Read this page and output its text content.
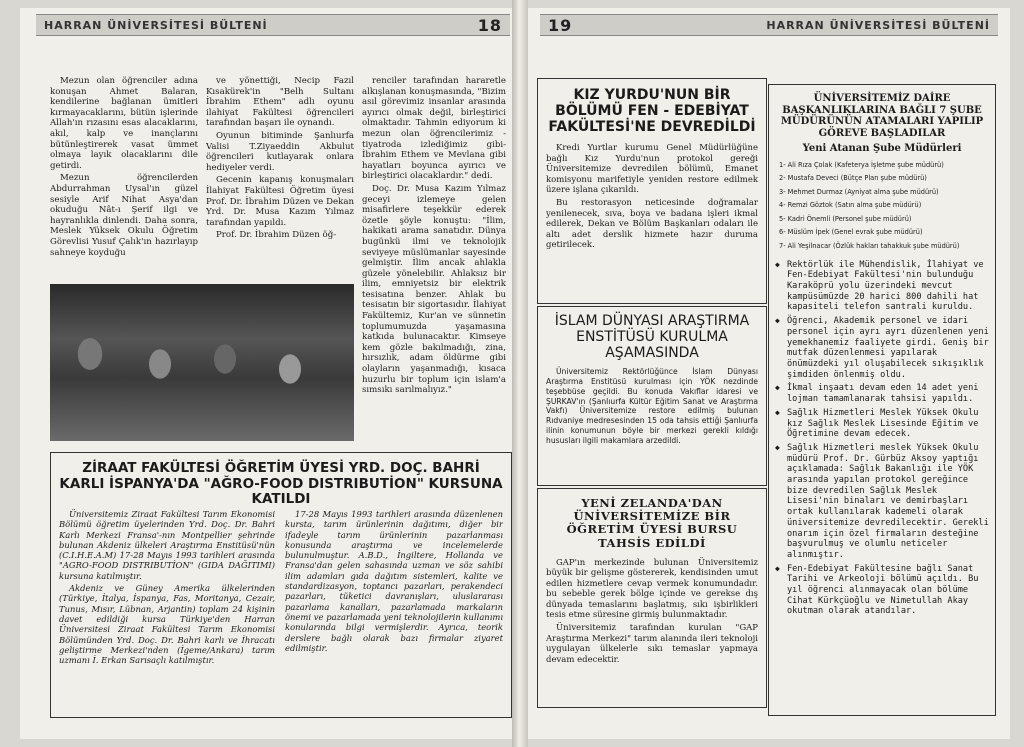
HARRAN ÜNİVERSİTESİ BÜLTENİ	18	19	HARRAN ÜNİVERSİTESİ BÜLTENİ

Mezun olan öğrenciler adına konuşan Ahmet Balaran, kendilerine bağlanan ümitleri kırmayacaklarını, bütün işlerinde Allah'ın rızasını esas alacaklarını, akıl, kalp ve inançlarını bütünleştirerek vasat ümmet olmaya layık olacaklarını dile getirdi.

Mezun öğrencilerden Abdurrahman Uysal'ın güzel sesiyle Arif Nihat Asya'dan okuduğu Nât-ı Şerif ilgi ve hayranlıkla dinlendi. Daha sonra, Meslek Yüksek Okulu Öğretim Görevlisi Yusuf Çalık'ın hazırlayıp sahneye koyduğu

ve yönettiği, Necip Fazıl Kısakürek'in "Belh Sultanı İbrahim Ethem" adlı oyunu ilahiyat Fakültesi öğrencileri tarafından başarı ile oynandı.

Oyunun bitiminde Şanlıurfa Valisi T.Ziyaeddin Akbulut öğrencileri kutlayarak onlara hediyeler verdi.

Gecenin kapanış konuşmaları İlahiyat Fakültesi Öğretim üyesi Prof. Dr. İbrahim Düzen ve Dekan Yrd. Dr. Musa Kazım Yılmaz tarafından yapıldı.

Prof. Dr. İbrahim Düzen öğ-

renciler tarafından hararetle alkışlanan konuşmasında, "Bizim asıl görevimiz insanlar arasında ayırıcı olmak değil, birleştirici olmaktadır. Tahmin ediyorum ki mezun olan öğrencilerimiz -tiyatroda izlediğimiz gibi- İbrahim Ethem ve Mevlana gibi hayatları boyunca ayırıcı ve birleştirici olacaklardır." dedi.

Doç. Dr. Musa Kazım Yılmaz geceyi izlemeye gelen misafirlere teşekkür ederek özetle şöyle konuştu: "İlim, hakikati arama sanatıdır. Dünya bugünkü ilmi ve teknolojik seviyeye müslümanlar sayesinde gelmiştir. İlim ancak ahlakla güzele yönelebilir. Ahlaksız bir ilim, emniyetsiz bir elektrik tesisatına benzer. Ahlak bu tesisatın bir sigortasıdır. İlahiyat Fakültemiz, Kur'an ve sünnetin toplumumuzda yaşamasına katkıda bulunacaktır. Kimseye kem gözle bakılmadığı, zina, hırsızlık, adam öldürme gibi olayların yaşanmadığı, kısaca huzurlu bir toplum için islam'a sımsıkı sarılmalıyız."

ZİRAAT FAKÜLTESİ ÖĞRETİM ÜYESİ YRD. DOÇ. BAHRİ KARLI İSPANYA'DA "AĞRO-FOOD DISTRIBUTİON" KURSUNA KATILDI
Üniversitemiz Ziraat Fakültesi Tarım Ekonomisi Bölümü öğretim üyelerinden Yrd. Doç. Dr. Bahri Karlı Merkezi Fransa'-nın Montpellier şehrinde bulunan Akdeniz ülkeleri Araştırma Enstitüsü'nün (C.I.H.E.A.M) 17-28 Mayıs 1993 tarihleri arasında "AGRO-FOOD DISTRIBUTİON" (GIDA DAĞITIMI) kursuna katılmıştır.
Akdeniz ve Güney Amerika ülkelerinden (Türkiye, İtalya, İspanya, Fas, Moritanya, Cezair, Tunus, Mısır, Lübnan, Arjantin) toplam 24 kişinin davet edildiği kursa Türkiye'den Harran Üniversitesi Ziraat Fakültesi Tarım Ekonomisi Bölümünden Yrd. Doç. Dr. Bahri karlı ve İhracatı geliştirme Merkezi'nden (İgeme/Ankara) tarım uzmanı İ. Erkan Sarısaçlı katılmıştır.
17-28 Mayıs 1993 tarihleri arasında düzenlenen kursta, tarım ürünlerinin dağıtımı, diğer bir ifadeyle tarım ürünlerinin pazarlanması konusunda araştırma ve incelemelerde bulunulmuştur. A.B.D., İngiltere, Hollanda ve Fransa'dan gelen sahasında uzman ve söz sahibi ilim adamları gıda dağıtım sistemleri, kalite ve standardizasyon, toptancı pazarları, perakendeci pazarları, tüketici davranışları, uluslararası pazarlama kanalları, pazarlamada markaların önemi ve pazarlamada yeni teknolojilerin kullanımı konularında bilgi vermişlerdir. Ayrıca, teorik derslere bağlı olarak bazı firmalar ziyaret edilmiştir.
KIZ YURDU'NUN BİR BÖLÜMÜ FEN - EDEBİYAT FAKÜLTESİ'NE DEVREDİLDİ
Kredi Yurtlar kurumu Genel Müdürlüğüne bağlı Kız Yurdu'nun protokol gereği Üniversitemize devredilen bölümü, Emanet komisyonu marifetiyle yeniden restore edilmek üzere işlana çıkarıldı.
Bu restorasyon neticesinde doğramalar yenilenecek, sıva, boya ve badana işleri ikmal edilerek, Dekan ve Bölüm Başkanları odaları ile altı adet derslik hizmete hazır duruma getirilecek.
İSLAM DÜNYASI ARAŞTIRMA ENSTİTÜSÜ KURULMA AŞAMASINDA
Üniversitemiz Rektörlüğünce İslam Dünyası Araştırma Enstitüsü kurulması için YÖK nezdinde teşebbüse geçildi. Bu konuda Vakıflar idaresi ve ŞURKAV'ın (Şanlıurfa Kültür Eğitim Sanat ve Araştırma Vakfı) Üniversitemize restore edilmiş bulunan Rıdvaniye medresesinden 15 oda tahsis ettiği Şanlıurfa ilinin konumunun böyle bir merkezi gerekli kıldığı hususları ilgili makamlara arzedildi.
YENİ ZELANDA'DAN ÜNİVERSİTEMİZE BİR ÖĞRETİM ÜYESİ BURSU TAHSİS EDİLDİ
GAP'ın merkezinde bulunan Üniversitemiz büyük bir gelişme göstererek, kendisinden umut edilen hizmetlere cevap vermek konumundadır. bu sebeble gerek bölge içinde ve gerekse dış dünyada temaslarını başlatmış, sıkı işbirlikleri tesis etme süresine girmiş bulunmaktadır.
Üniversitemiz tarafından kurulan "GAP Araştırma Merkezi" tarım alanında ileri teknoloji uygulayan ülkelerle sıkı temaslar yapmaya devam edecektir.
ÜNİVERSİTEMİZ DAİRE BAŞKANLIKLARINA BAĞLI 7 ŞUBE MÜDÜRÜNÜN ATAMALARI YAPILIP GÖREVE BAŞLADILAR
Yeni Atanan Şube Müdürleri
1- Ali Rıza Çolak (Kafeterya İşletme şube müdürü)
2- Mustafa Deveci (Bütçe Plan şube müdürü)
3- Mehmet Durmaz (Ayniyat alma şube müdürü)
4- Remzi Göztok (Satın alma şube müdürü)
5- Kadri Önemli (Personel şube müdürü)
6- Müslüm İpek (Genel evrak şube müdürü)
7- Ali Yeşilnacar (Özlük hakları tahakkuk şube müdürü)
◆ Rektörlük ile Mühendislik, İlahiyat ve Fen-Edebiyat Fakültesi'nin bulunduğu Karaköprü yolu üzerindeki mevcut kampüsümüzde 20 harici 800 dahili hat kapasiteli telefon santrali kuruldu.
◆ Öğrenci, Akademik personel ve idari personel için ayrı ayrı düzenlenen yeni yemekhanemiz faaliyete girdi. Geniş bir mutfak düzenlenmesi yapılarak önümüzdeki yıl oluşabilecek sıkışıklık şimdiden önlenmiş oldu.
◆ İkmal inşaatı devam eden 14 adet yeni lojman tamamlanarak tahsisi yapıldı.
◆ Sağlık Hizmetleri Meslek Yüksek Okulu kız Sağlık Meslek Lisesinde Eğitim ve Öğretimine devam edecek.
◆ Sağlık Hizmetleri meslek Yüksek Okulu müdürü Prof. Dr. Gürbüz Aksoy yaptığı açıklamada: Sağlık Bakanlığı ile YÖK arasında yapılan protokol gereğince bize devredilen Sağlık Meslek Lisesi'nin binaları ve demirbaşları ortak kullanılarak kademeli olarak üniversitemize devredilecektir. Gerekli onarım için özel firmaların desteğine başvurulmuş ve olumlu neticeler alınmıştır.
◆ Fen-Edebiyat Fakültesine bağlı Sanat Tarihi ve Arkeoloji bölümü açıldı. Bu yıl öğrenci alınmayacak olan bölüme Cihat Kürkçüoğlu ve Nimetullah Akay okutman olarak atandılar.
